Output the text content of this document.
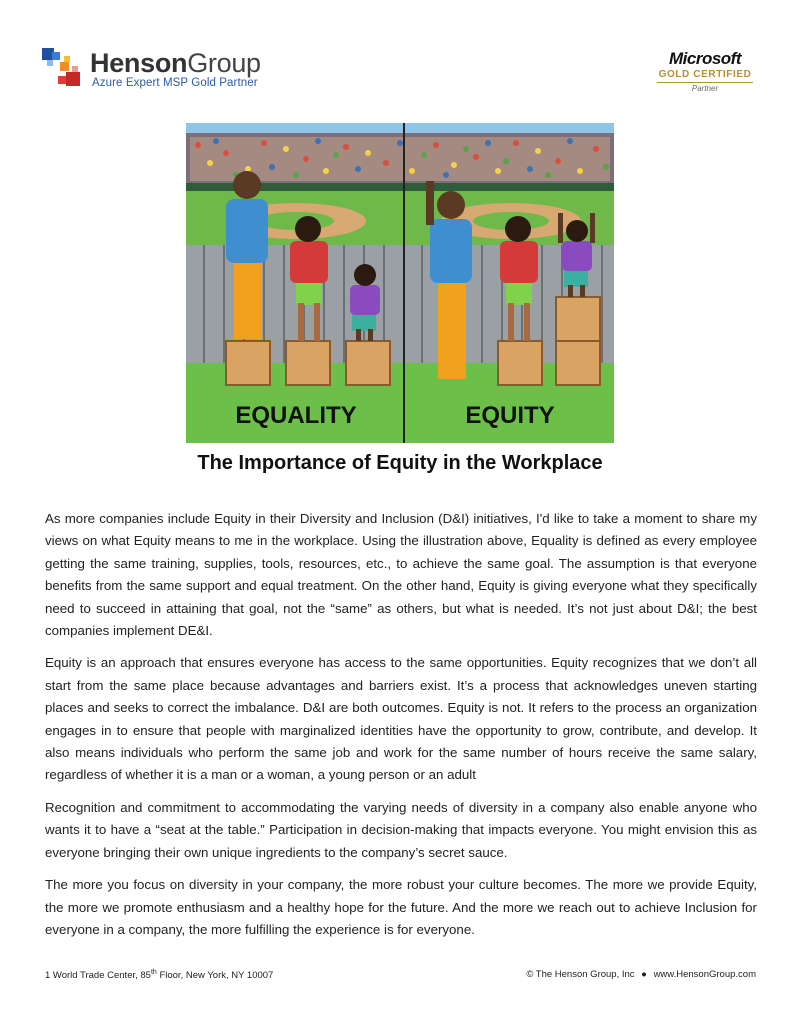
HensonGroup
Azure Expert MSP Gold Partner
Microsoft
GOLD CERTIFIED
Partner
EQUALITY	EQUITY
The Importance of Equity in the Workplace

As more companies include Equity in their Diversity and Inclusion (D&I) initiatives, I'd like to take a moment to share my views on what Equity means to me in the workplace. Using the illustration above, Equality is defined as every employee getting the same training, supplies, tools, resources, etc., to achieve the same goal. The assumption is that everyone benefits from the same support and equal treatment. On the other hand, Equity is giving everyone what they specifically need to succeed in attaining that goal, not the “same” as others, but what is needed. It’s not just about D&I; the best companies implement DE&I.

Equity is an approach that ensures everyone has access to the same opportunities. Equity recognizes that we don’t all start from the same place because advantages and barriers exist. It’s a process that acknowledges uneven starting places and seeks to correct the imbalance. D&I are both outcomes. Equity is not. It refers to the process an organization engages in to ensure that people with marginalized identities have the opportunity to grow, contribute, and develop. It also means individuals who perform the same job and work for the same number of hours receive the same salary, regardless of whether it is a man or a woman, a young person or an adult

Recognition and commitment to accommodating the varying needs of diversity in a company also enable anyone who wants it to have a “seat at the table.” Participation in decision-making that impacts everyone. You might envision this as everyone bringing their own unique ingredients to the company’s secret sauce.

The more you focus on diversity in your company, the more robust your culture becomes. The more we provide Equity, the more we promote enthusiasm and a healthy hope for the future. And the more we reach out to achieve Inclusion for everyone in a company, the more fulfilling the experience is for everyone.

1 World Trade Center, 85th Floor, New York, NY 10007	© The Henson Group, Inc ● www.HensonGroup.com
